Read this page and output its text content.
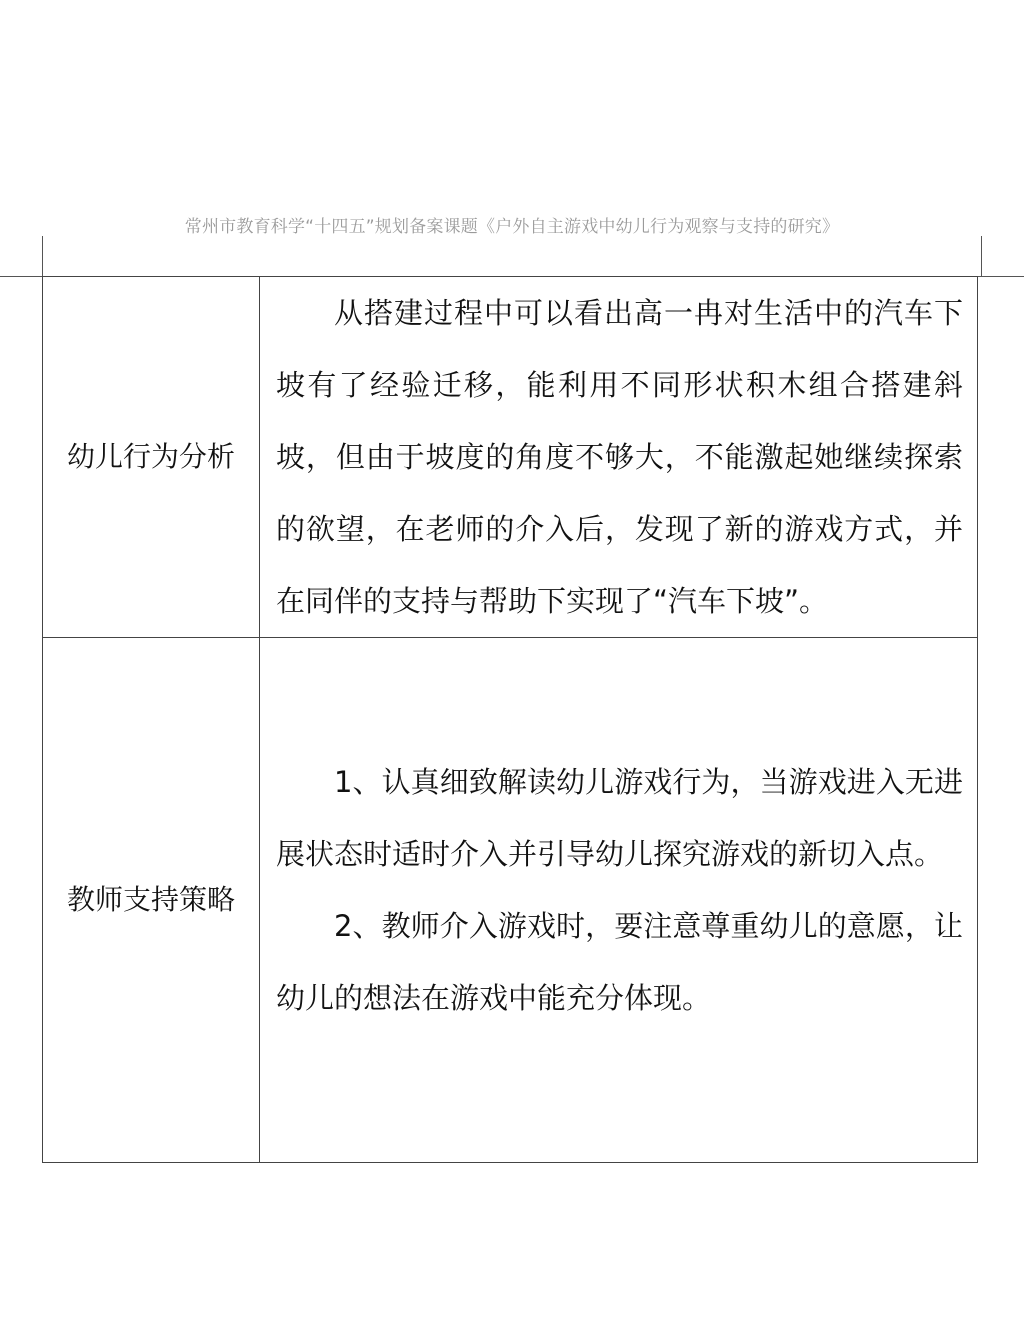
常州市教育科学“十四五”规划备案课题《户外自主游戏中幼儿行为观察与支持的研究》
幼儿行为分析	从搭建过程中可以看出高一冉对生活中的汽车下坡有了经验迁移，能利用不同形状积木组合搭建斜坡，但由于坡度的角度不够大，不能激起她继续探索的欲望，在老师的介入后，发现了新的游戏方式，并在同伴的支持与帮助下实现了“汽车下坡”。

教师支持策略	1、认真细致解读幼儿游戏行为，当游戏进入无进展状态时适时介入并引导幼儿探究游戏的新切入点。

2、教师介入游戏时，要注意尊重幼儿的意愿，让幼儿的想法在游戏中能充分体现。
